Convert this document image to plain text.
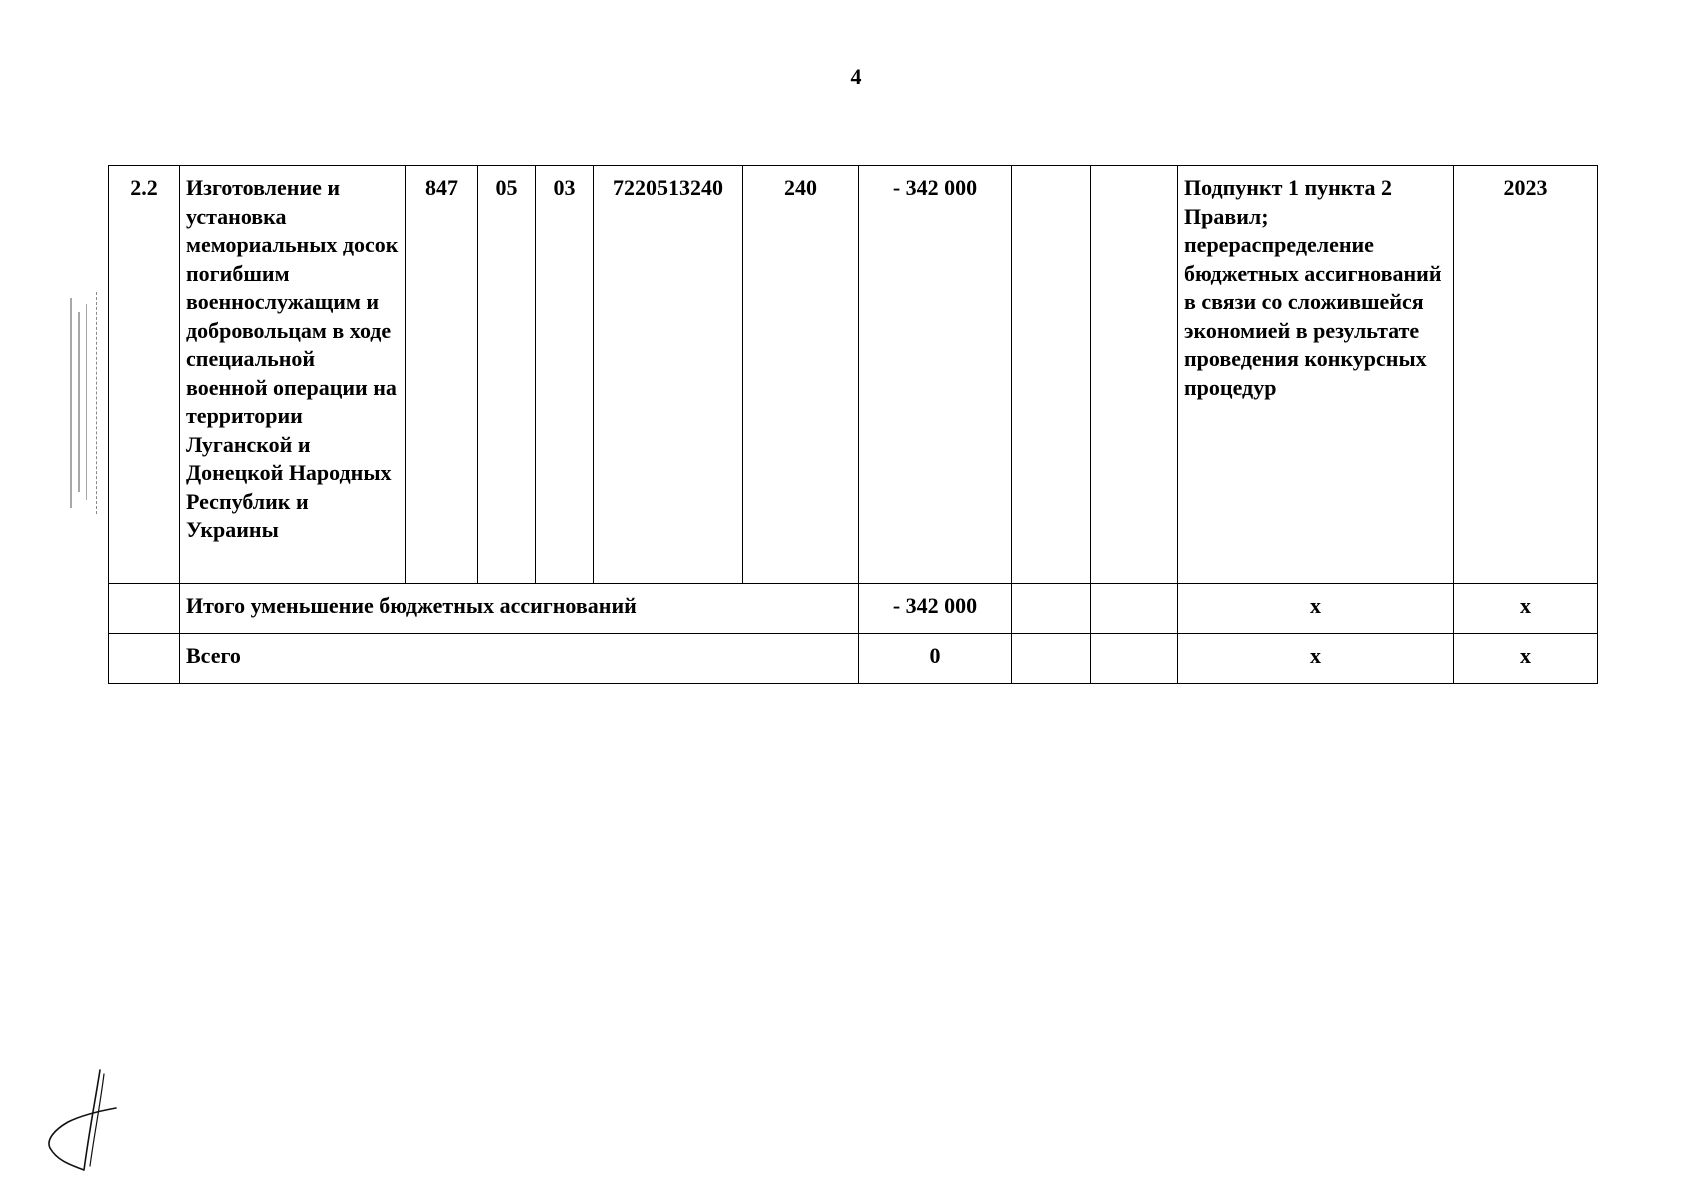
4
2.2	Изготовление и установка мемориальных досок погибшим военнослужащим и добровольцам в ходе специальной военной операции на территории Луганской и Донецкой Народных Республик и Украины	847	05	03	7220513240	240	- 342 000			Подпункт 1 пункта 2 Правил; перераспределение бюджетных ассигнований в связи со сложившейся экономией в результате проведения конкурсных процедур	2023
	Итого уменьшение бюджетных ассигнований						- 342 000			x	x
	Всего						0			x	x
